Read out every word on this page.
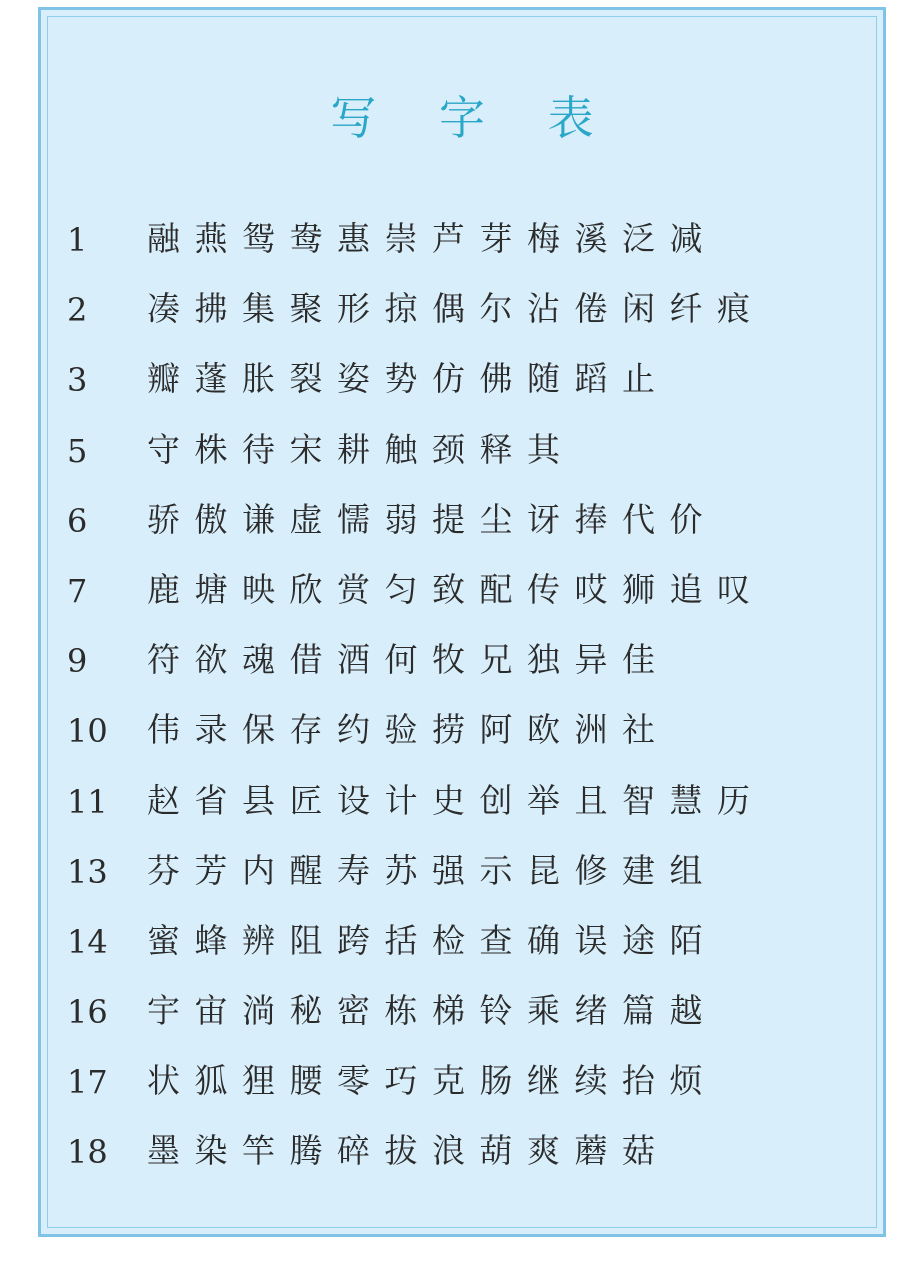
写 字 表
1	融燕鸳鸯惠崇芦芽梅溪泛减
2	凑拂集聚形掠偶尔沾倦闲纤痕
3	瓣蓬胀裂姿势仿佛随蹈止
5	守株待宋耕触颈释其
6	骄傲谦虚懦弱提尘讶捧代价
7	鹿塘映欣赏匀致配传哎狮追叹
9	符欲魂借酒何牧兄独异佳
10	伟录保存约验捞阿欧洲社
11	赵省县匠设计史创举且智慧历
13	芬芳内醒寿苏强示昆修建组
14	蜜蜂辨阻跨括检查确误途陌
16	宇宙淌秘密栋梯铃乘绪篇越
17	状狐狸腰零巧克肠继续抬烦
18	墨染竿腾碎拔浪葫爽蘑菇
